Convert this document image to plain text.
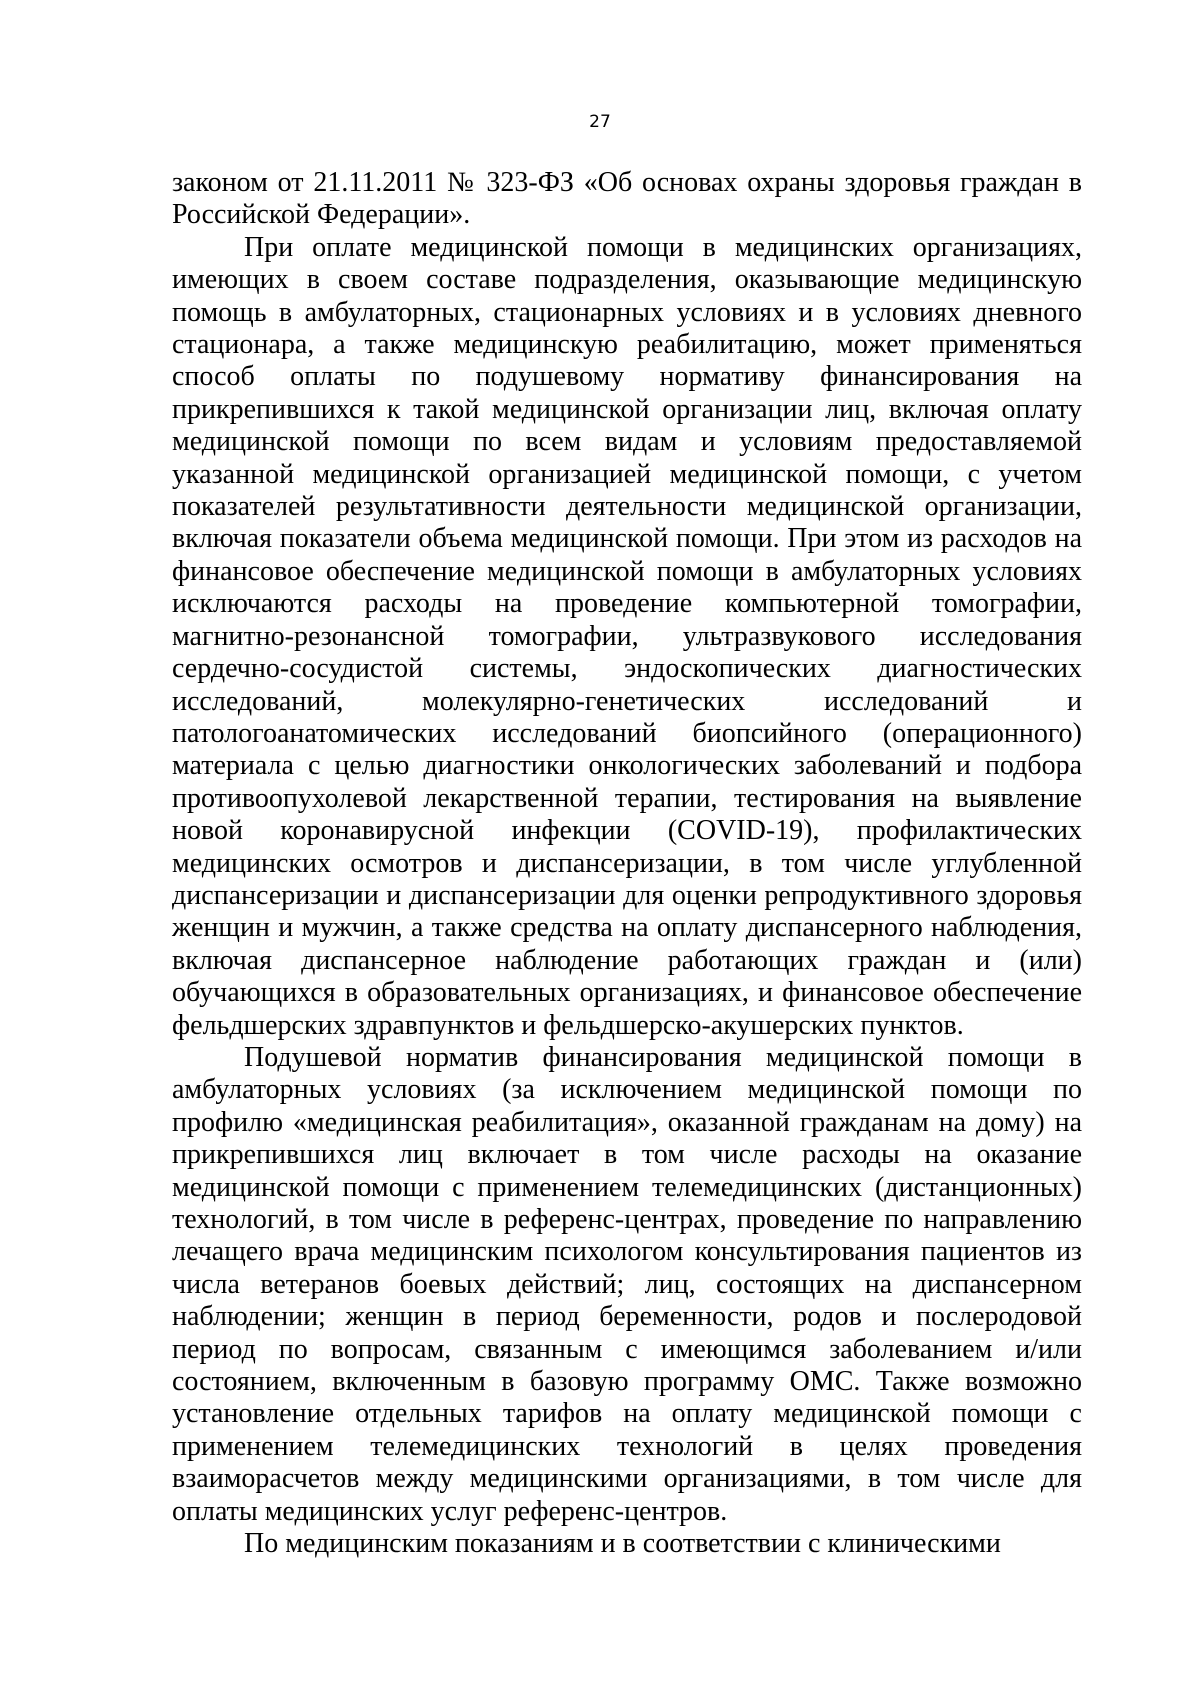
27

законом от 21.11.2011 № 323-ФЗ «Об основах охраны здоровья граждан в Российской Федерации».

При оплате медицинской помощи в медицинских организациях, имеющих в своем составе подразделения, оказывающие медицинскую помощь в амбулаторных, стационарных условиях и в условиях дневного стационара, а также медицинскую реабилитацию, может применяться способ оплаты по подушевому нормативу финансирования на прикрепившихся к такой медицинской организации лиц, включая оплату медицинской помощи по всем видам и условиям предоставляемой указанной медицинской организацией медицинской помощи, с учетом показателей результативности деятельности медицинской организации, включая показатели объема медицинской помощи. При этом из расходов на финансовое обеспечение медицинской помощи в амбулаторных условиях исключаются расходы на проведение компьютерной томографии, магнитно-резонансной томографии, ультразвукового исследования сердечно-сосудистой системы, эндоскопических диагностических исследований, молекулярно-генетических исследований и патологоанатомических исследований биопсийного (операционного) материала с целью диагностики онкологических заболеваний и подбора противоопухолевой лекарственной терапии, тестирования на выявление новой коронавирусной инфекции (COVID-19), профилактических медицинских осмотров и диспансеризации, в том числе углубленной диспансеризации и диспансеризации для оценки репродуктивного здоровья женщин и мужчин, а также средства на оплату диспансерного наблюдения, включая диспансерное наблюдение работающих граждан и (или) обучающихся в образовательных организациях, и финансовое обеспечение фельдшерских здравпунктов и фельдшерско-акушерских пунктов.

Подушевой норматив финансирования медицинской помощи в амбулаторных условиях (за исключением медицинской помощи по профилю «медицинская реабилитация», оказанной гражданам на дому) на прикрепившихся лиц включает в том числе расходы на оказание медицинской помощи с применением телемедицинских (дистанционных) технологий, в том числе в референс-центрах, проведение по направлению лечащего врача медицинским психологом консультирования пациентов из числа ветеранов боевых действий; лиц, состоящих на диспансерном наблюдении; женщин в период беременности, родов и послеродовой период по вопросам, связанным с имеющимся заболеванием и/или состоянием, включенным в базовую программу ОМС. Также возможно установление отдельных тарифов на оплату медицинской помощи с применением телемедицинских технологий в целях проведения взаиморасчетов между медицинскими организациями, в том числе для оплаты медицинских услуг референс-центров.

По медицинским показаниям и в соответствии с клиническими
